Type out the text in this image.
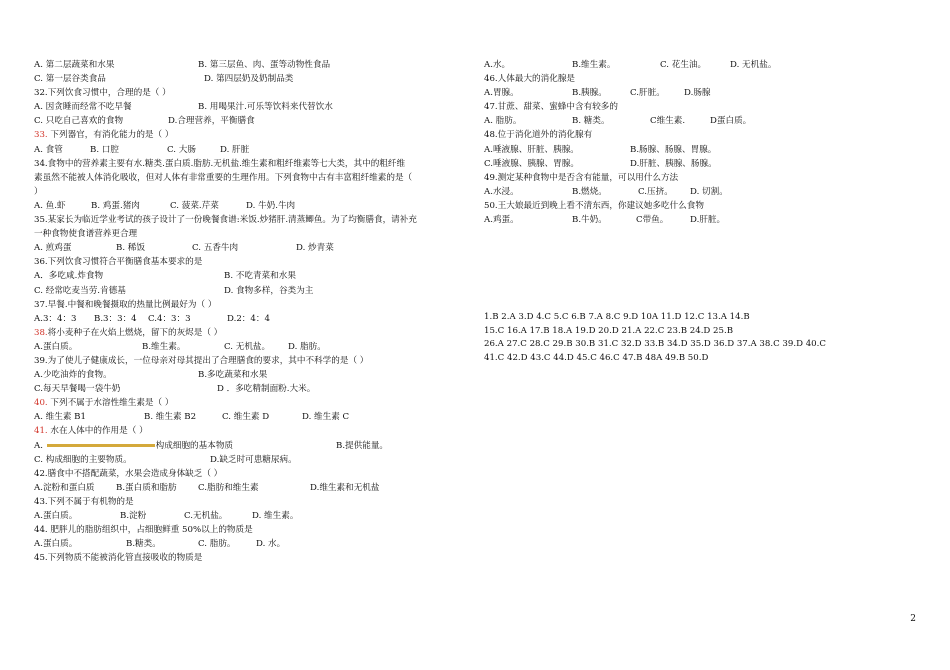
A. 第二层蔬菜和水果	B. 第三层鱼、肉、蛋等动物性食品
C. 第一层谷类食品	D. 第四层奶及奶制品类
32.下列饮食习惯中，合理的是（ ）
A. 因贪睡而经常不吃早餐	B. 用喝果汁.可乐等饮料来代替饮水
C. 只吃自己喜欢的食物	D.合理营养，平衡膳食
33. 下列器官，有消化能力的是（ ）
A. 食管	B. 口腔	C. 大肠	D. 肝脏
34.食物中的营养素主要有水.糖类.蛋白质.脂肪.无机盐.维生素和粗纤维素等七大类，其中的粗纤维
素虽然不能被人体消化吸收，但对人体有非常重要的生理作用。下列食物中古有丰富粗纤维素的是（
）
A. 鱼.虾	B. 鸡蛋.猪肉	C. 菠菜.芹菜	D. 牛奶.牛肉
35.某家长为临近学业考试的孩子设计了一份晚餐食谱:米饭.炒猪肝.清蒸鲫鱼。为了均衡膳食，请补充
一种食物使食谱营养更合理
A. 煎鸡蛋	B. 稀饭	C. 五香牛肉	D. 炒青菜
36.下列饮食习惯符合平衡膳食基本要求的是
A．多吃咸.炸食物	B. 不吃青菜和水果
C. 经常吃麦当劳.肯德基	D. 食物多样，谷类为主
37.早餐.中餐和晚餐摄取的热量比例最好为（ ）
A.3：4：3 B.3：3：4 C.4：3：3	D.2：4：4
38.将小麦种子在火焰上燃烧，留下的灰烬是（ ）
A.蛋白质。	B.维生素。	C. 无机盐。 D. 脂肪。
39.为了使儿子健康成长，一位母亲对母其提出了合理膳食的要求，其中不科学的是（ ）
A.少吃油炸的食物。	B.多吃蔬菜和水果
C.每天早餐喝一袋牛奶	D ．多吃精制面粉.大米。
40. 下列不属于水溶性维生素是（ ）
A. 维生素 B1	B. 维生素 B2	C. 维生素 D	D. 维生素 C
41. 水在人体中的作用是（ ）
A.	构成细胞的基本物质	B.提供能量。
C. 构成细胞的主要物质。	D.缺乏时可患糖尿病。
42.膳食中不搭配蔬菜，水果会造成身体缺乏（ ）
A.淀粉和蛋白质 B.蛋白质和脂肪 C.脂肪和维生素	D.维生素和无机盐
43.下列不属于有机物的是
A.蛋白质。	B.淀粉	C.无机盐。	D. 维生素。
44. 肥胖儿的脂肪组织中，占细胞鲜重 50%以上的物质是
A.蛋白质。	B.糖类。	C. 脂肪。 D. 水。
45.下列物质不能被消化管直接吸收的物质是
A.水。	B.维生素。	C. 花生油。	D. 无机盐。
46.人体最大的消化腺是
A.胃腺。	B.胰腺。	C.肝脏。 D.肠腺
47.甘蔗、甜菜、蜜蜂中含有较多的
A. 脂肪。	B. 糖类。	C维生素.	D蛋白质。
48.位于消化道外的消化腺有
A.唾液腺、肝脏、胰腺。	B.肠腺、肠腺、胃腺。
C.唾液腺、胰腺、胃腺。	D.肝脏、胰腺、肠腺。
49.测定某种食物中是否含有能量，可以用什么方法
A.水浸。	B.燃烧。	C.压挤。 D. 切割。
50.王大娘最近到晚上看不清东西，你建议她多吃什么食物
A.鸡蛋。	B.牛奶。	C带鱼。	D.肝脏。
1.B 2.A 3.D 4.C 5.C 6.B 7.A 8.C 9.D 10A 11.D 12.C 13.A 14.B
15.C 16.A 17.B 18.A 19.D 20.D 21.A 22.C 23.B 24.D 25.B
26.A 27.C 28.C 29.B 30.B 31.C 32.D 33.B 34.D 35.D 36.D 37.A 38.C 39.D 40.C
41.C 42.D 43.C 44.D 45.C 46.C 47.B 48A 49.B 50.D
2
